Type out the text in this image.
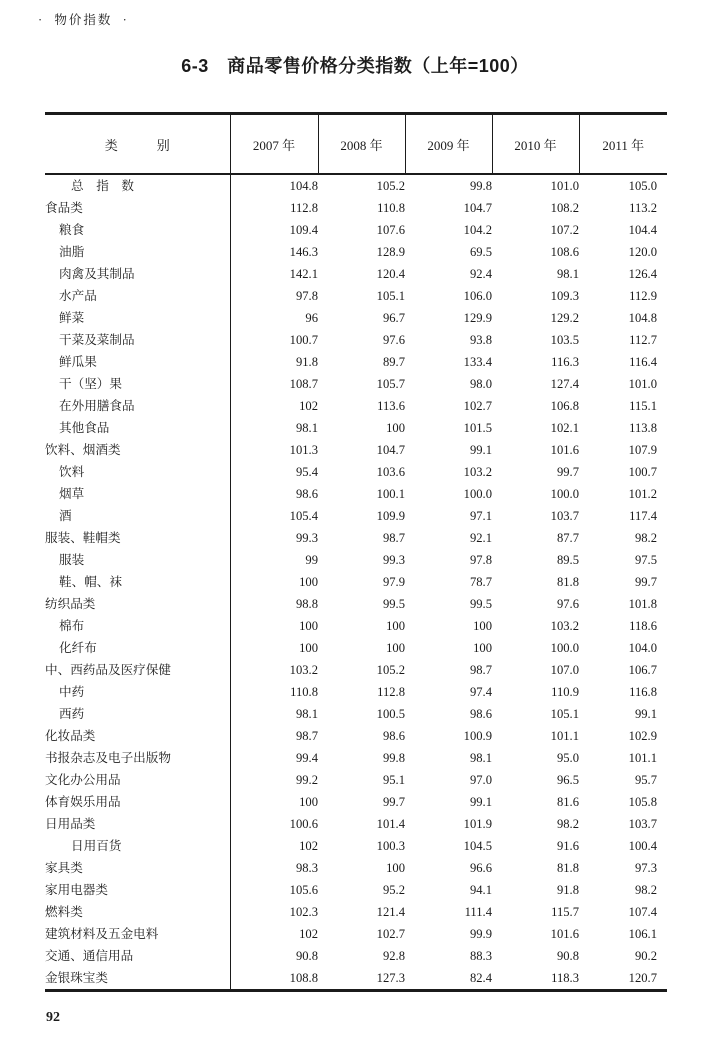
·  物价指数  ·
6-3　商品零售价格分类指数（上年=100）
类　　　别	2007 年	2008 年	2009 年	2010 年	2011 年
总　指　数	104.8	105.2	99.8	101.0	105.0
食品类	112.8	110.8	104.7	108.2	113.2
粮食	109.4	107.6	104.2	107.2	104.4
油脂	146.3	128.9	69.5	108.6	120.0
肉禽及其制品	142.1	120.4	92.4	98.1	126.4
水产品	97.8	105.1	106.0	109.3	112.9
鲜菜	96	96.7	129.9	129.2	104.8
干菜及菜制品	100.7	97.6	93.8	103.5	112.7
鲜瓜果	91.8	89.7	133.4	116.3	116.4
干（坚）果	108.7	105.7	98.0	127.4	101.0
在外用膳食品	102	113.6	102.7	106.8	115.1
其他食品	98.1	100	101.5	102.1	113.8
饮料、烟酒类	101.3	104.7	99.1	101.6	107.9
饮料	95.4	103.6	103.2	99.7	100.7
烟草	98.6	100.1	100.0	100.0	101.2
酒	105.4	109.9	97.1	103.7	117.4
服装、鞋帽类	99.3	98.7	92.1	87.7	98.2
服装	99	99.3	97.8	89.5	97.5
鞋、帽、袜	100	97.9	78.7	81.8	99.7
纺织品类	98.8	99.5	99.5	97.6	101.8
棉布	100	100	100	103.2	118.6
化纤布	100	100	100	100.0	104.0
中、西药品及医疗保健	103.2	105.2	98.7	107.0	106.7
中药	110.8	112.8	97.4	110.9	116.8
西药	98.1	100.5	98.6	105.1	99.1
化妆品类	98.7	98.6	100.9	101.1	102.9
书报杂志及电子出版物	99.4	99.8	98.1	95.0	101.1
文化办公用品	99.2	95.1	97.0	96.5	95.7
体育娱乐用品	100	99.7	99.1	81.6	105.8
日用品类	100.6	101.4	101.9	98.2	103.7
日用百货	102	100.3	104.5	91.6	100.4
家具类	98.3	100	96.6	81.8	97.3
家用电器类	105.6	95.2	94.1	91.8	98.2
燃料类	102.3	121.4	111.4	115.7	107.4
建筑材料及五金电料	102	102.7	99.9	101.6	106.1
交通、通信用品	90.8	92.8	88.3	90.8	90.2
金银珠宝类	108.8	127.3	82.4	118.3	120.7
92
